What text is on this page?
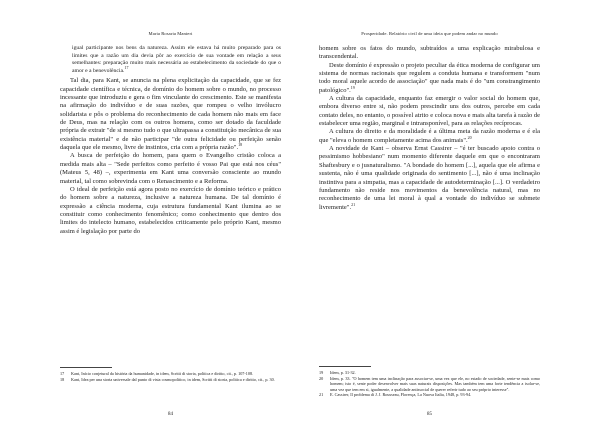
Maria Rosaria Manieri

igual participante nos bens da natureza. Assim ele estava há muito preparado para os limites que a razão um dia devia pôr ao exercício de sua vontade em relação a seus semelhantes: preparação muito mais necessária ao estabelecimento da sociedade do que o amor e a benevolência.$^{17}$

Tal dia, para Kant, se anuncia na plena explicitação da capacidade, que se fez capacidade científica e técnica, de domínio do homem sobre o mundo, no processo incessante que introduziu e gera o fim vinculante do crescimento. Este se manifesta na afirmação do indivíduo e de suas razões, que rompeu o velho invólucro solidarista e pôs o problema do reconhecimento de cada homem não mais em face de Deus, mas na relação com os outros homens, como ser dotado da faculdade própria de extrair "de si mesmo tudo o que ultrapassa a constituição mecânica de sua existência material" e de não participar "de outra felicidade ou perfeição senão daquela que ele mesmo, livre de instintos, cria com a própria razão".$^{18}$

A busca de perfeição do homem, para quem o Evangelho cristão coloca a medida mais alta – "Sede perfeitos como perfeito é vosso Pai que está nos céus" (Mateus 5, 48) –, experimenta em Kant uma conversão consciente ao mundo material, tal como sobrevinda com o Renascimento e a Reforma.

O ideal de perfeição está agora posto no exercício de domínio teórico e prático do homem sobre a natureza, inclusive a natureza humana. De tal domínio é expressão a ciência moderna, cuja estrutura fundamental Kant ilumina ao se constituir como conhecimento fenomênico; como conhecimento que dentro dos limites do intelecto humano, estabelecidos criticamente pelo próprio Kant, mesmo assim é legislação por parte do

17	Kant, Início conjetural da história da humanidade, in idem, Scritti di storia, politica e diritto, cit., p. 107-108.
18	Kant, Idea per una storia universale dal punto di vista cosmopolitico, in idem, Scritti di storia, politica e diritto, cit., p. 30.
84
Prosperidade. Relatório civil de uma ideia que podem andar no mundo

homem sobre os fatos do mundo, subtraídos a uma explicação mirabulosa e transcendental.

Deste domínio é expressão o projeto peculiar da ética moderna de configurar um sistema de normas racionais que regulem a conduta humana e transformem "num todo moral aquele acordo de associação" que nada mais é do "um constrangimento patológico".$^{19}$

A cultura da capacidade, enquanto faz emergir o valor social do homem que, embora diverso entre si, não podem prescindir uns dos outros, percebe em cada contato deles, no entanto, o possível atrito e coloca nova e mais alta tarefa à razão de estabelecer uma região, marginal e intransponível, para as relações recíprocas.

A cultura do direito e da moralidade é a última meta da razão moderna e é ela que "eleva o homem completamente acima dos animais".$^{20}$

A novidade de Kant – observa Ernst Cassirer – "é ter buscado apoio contra o pessimismo hobbesiano" num momento diferente daquele em que o encontraram Shaftesbury e o jusnaturalismo. "A bondade do homem [...], aquela que ele afirma e sustenta, não é uma qualidade originada do sentimento [...], não é uma inclinação instintiva para a simpatia, mas a capacidade de autodeterminação [...]. O verdadeiro fundamento não reside nos movimentos da benevolência natural, mas no reconhecimento de uma lei moral à qual a vontade do indivíduo se submete livremente".$^{21}$

19	Idem, p. 31-32.
20	Idem, p. 33. "O homem tem uma inclinação para associar-se, uma vez que ele, no estado de sociedade, sente-se mais como homem; isto é, sente poder desenvolver mais suas naturais disposições. Mas também tem uma forte tendência a isolar-se, uma vez que tem em si, igualmente, a qualidade antissocial de querer referir tudo ao seu próprio interesse".
21	E. Cassirer, Il problema di J. J. Rousseau, Florença, La Nuova Italia, 1948, p. 93-94.
85
